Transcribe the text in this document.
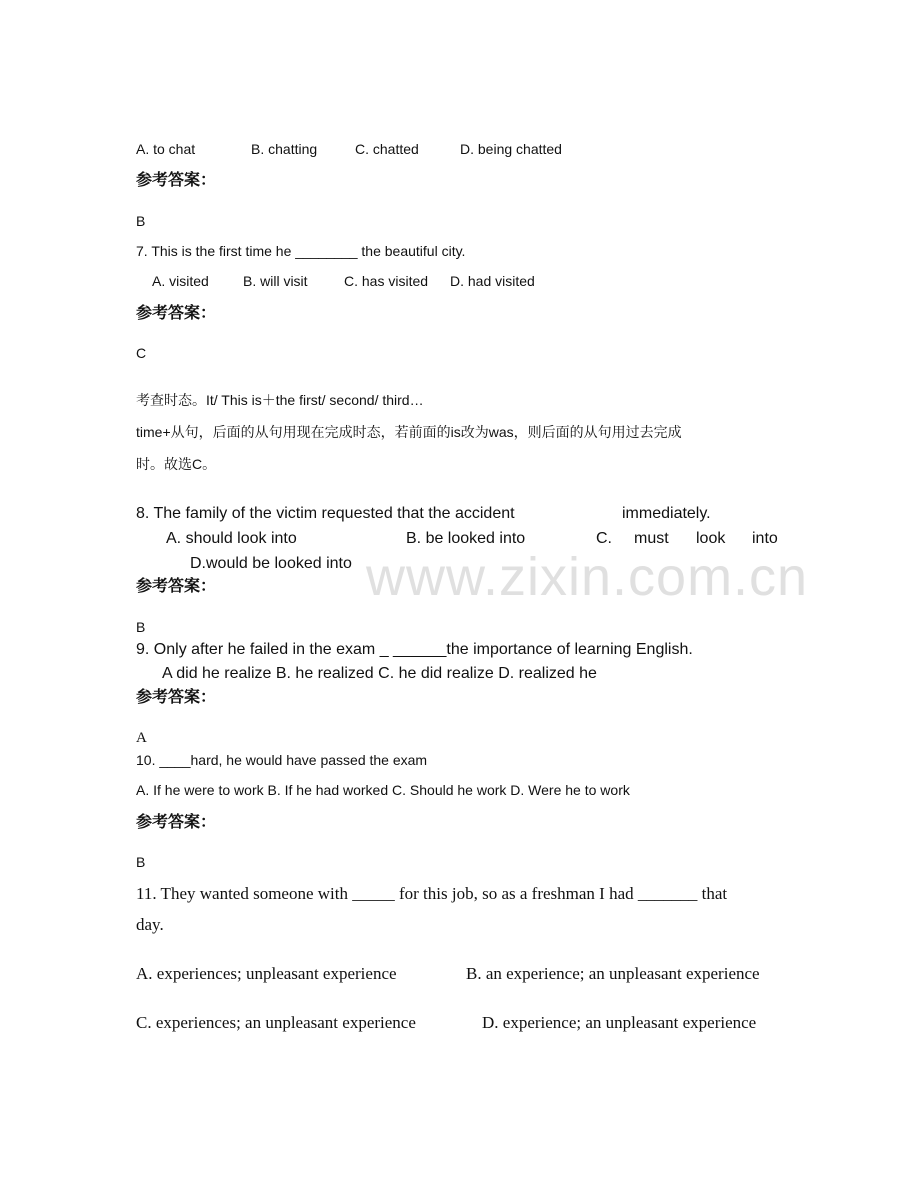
www.zixin.com.cn
A. to chat	B. chatting	C. chatted	D. being chatted
参考答案：
B
7. This is the first time he ________ the beautiful city.
A. visited B. will visit	C. has visited D. had visited
参考答案：
C
考查时态。It/ This is＋the first/ second/ third…
time+从句，后面的从句用现在完成时态，若前面的is改为was，则后面的从句用过去完成
时。故选C。
8. The family of the victim requested that the accident	immediately.
A. should look into	B. be looked into	C. must look into
D.would be looked into
参考答案：
B
9. Only after he failed in the exam _ ______the importance of learning English.
A did he realize B. he realized C. he did realize D. realized he
参考答案：
A
10. ____hard, he would have passed the exam
A. If he were to work B. If he had worked C. Should he work D. Were he to work
参考答案：
B
11. They wanted someone with _____ for this job, so as a freshman I had _______ that
day.
A. experiences; unpleasant experience	B. an experience; an unpleasant experience
C. experiences; an unpleasant experience	D. experience; an unpleasant experience
